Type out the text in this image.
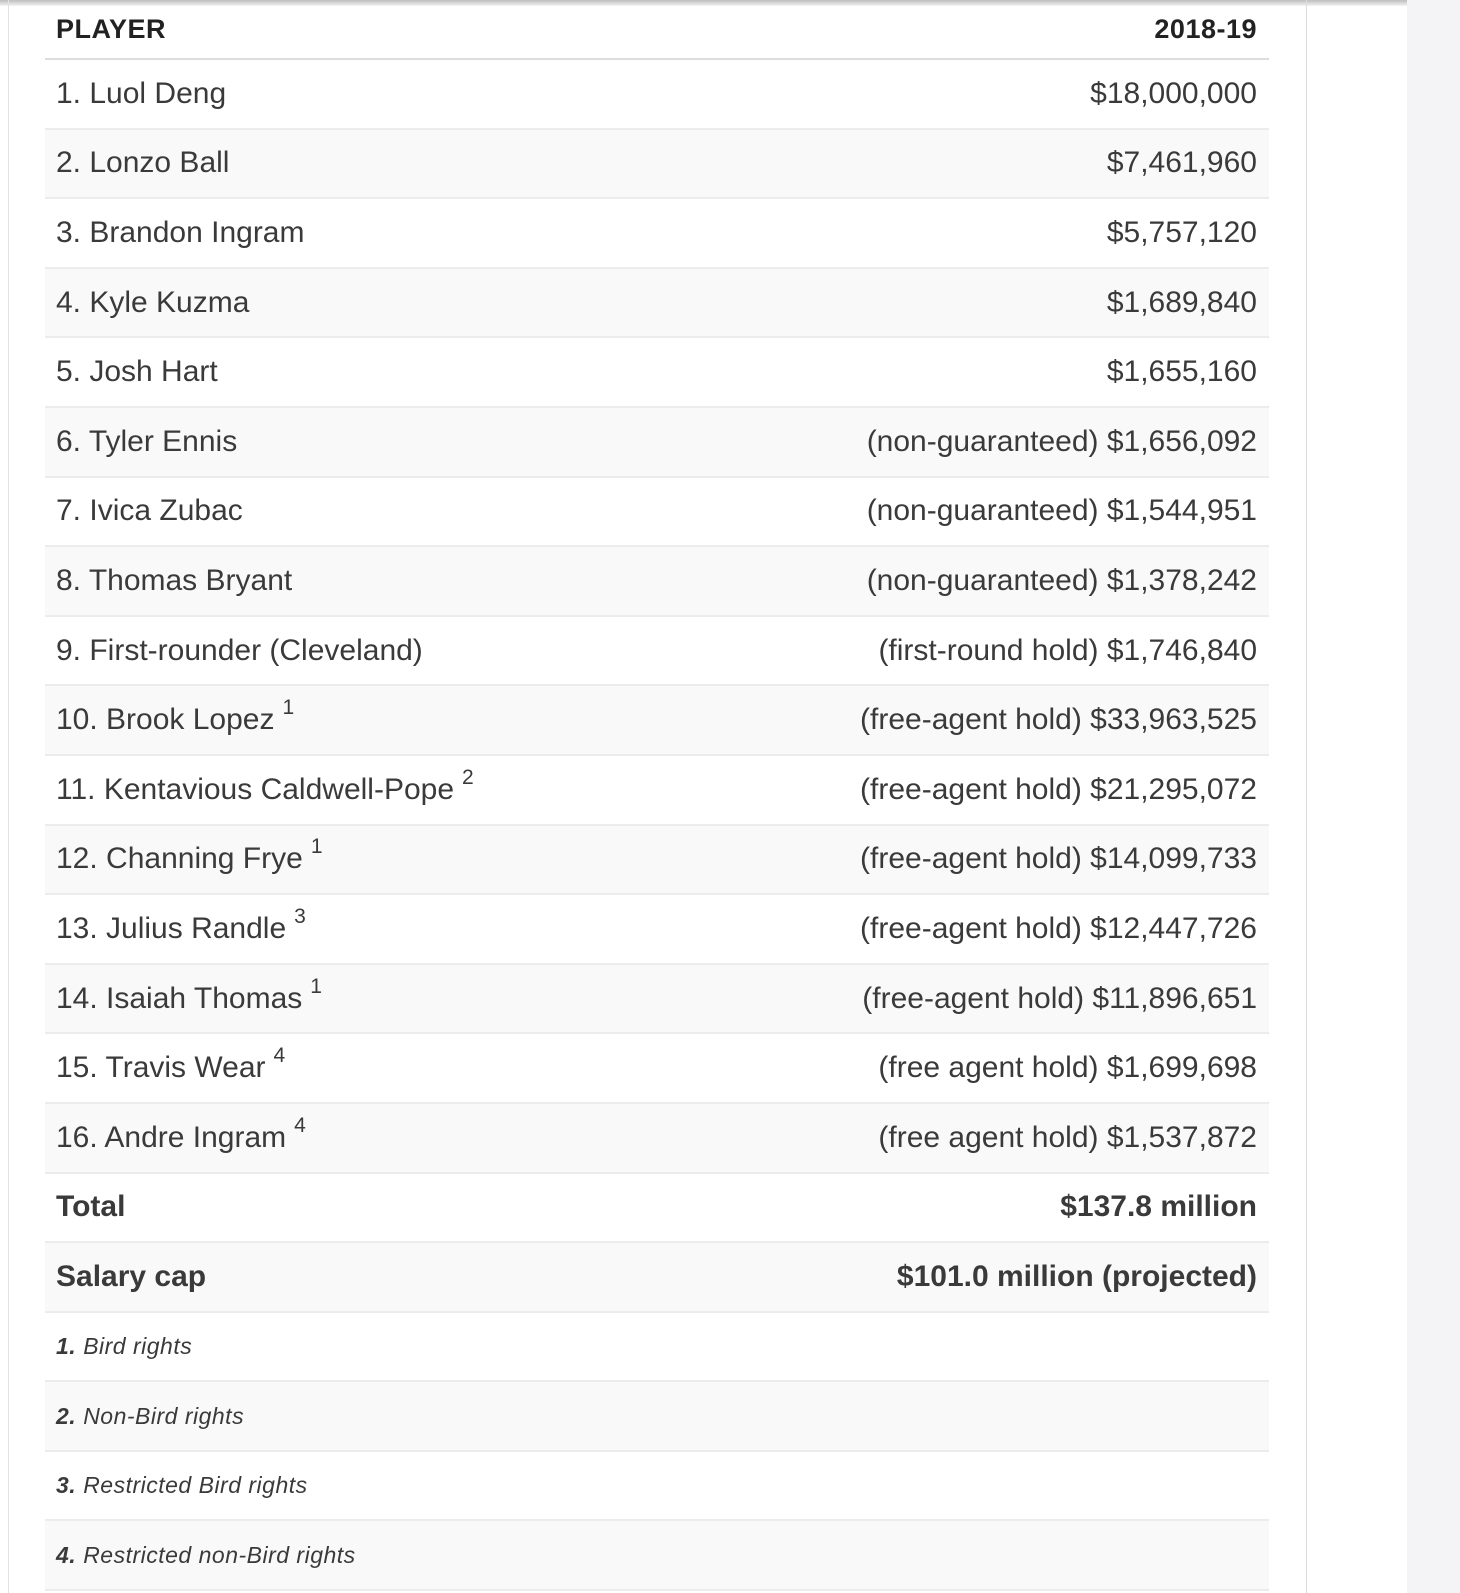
PLAYER	2018-19
1. Luol Deng	$18,000,000
2. Lonzo Ball	$7,461,960
3. Brandon Ingram	$5,757,120
4. Kyle Kuzma	$1,689,840
5. Josh Hart	$1,655,160
6. Tyler Ennis	(non-guaranteed) $1,656,092
7. Ivica Zubac	(non-guaranteed) $1,544,951
8. Thomas Bryant	(non-guaranteed) $1,378,242
9. First-rounder (Cleveland)	(first-round hold) $1,746,840
10. Brook Lopez $^1$	(free-agent hold) $33,963,525
11. Kentavious Caldwell-Pope $^2$	(free-agent hold) $21,295,072
12. Channing Frye $^1$	(free-agent hold) $14,099,733
13. Julius Randle $^3$	(free-agent hold) $12,447,726
14. Isaiah Thomas $^1$	(free-agent hold) $11,896,651
15. Travis Wear $^4$	(free agent hold) $1,699,698
16. Andre Ingram $^4$	(free agent hold) $1,537,872
Total	$137.8 million
Salary cap	$101.0 million (projected)
1. Bird rights
2. Non-Bird rights
3. Restricted Bird rights
4. Restricted non-Bird rights
